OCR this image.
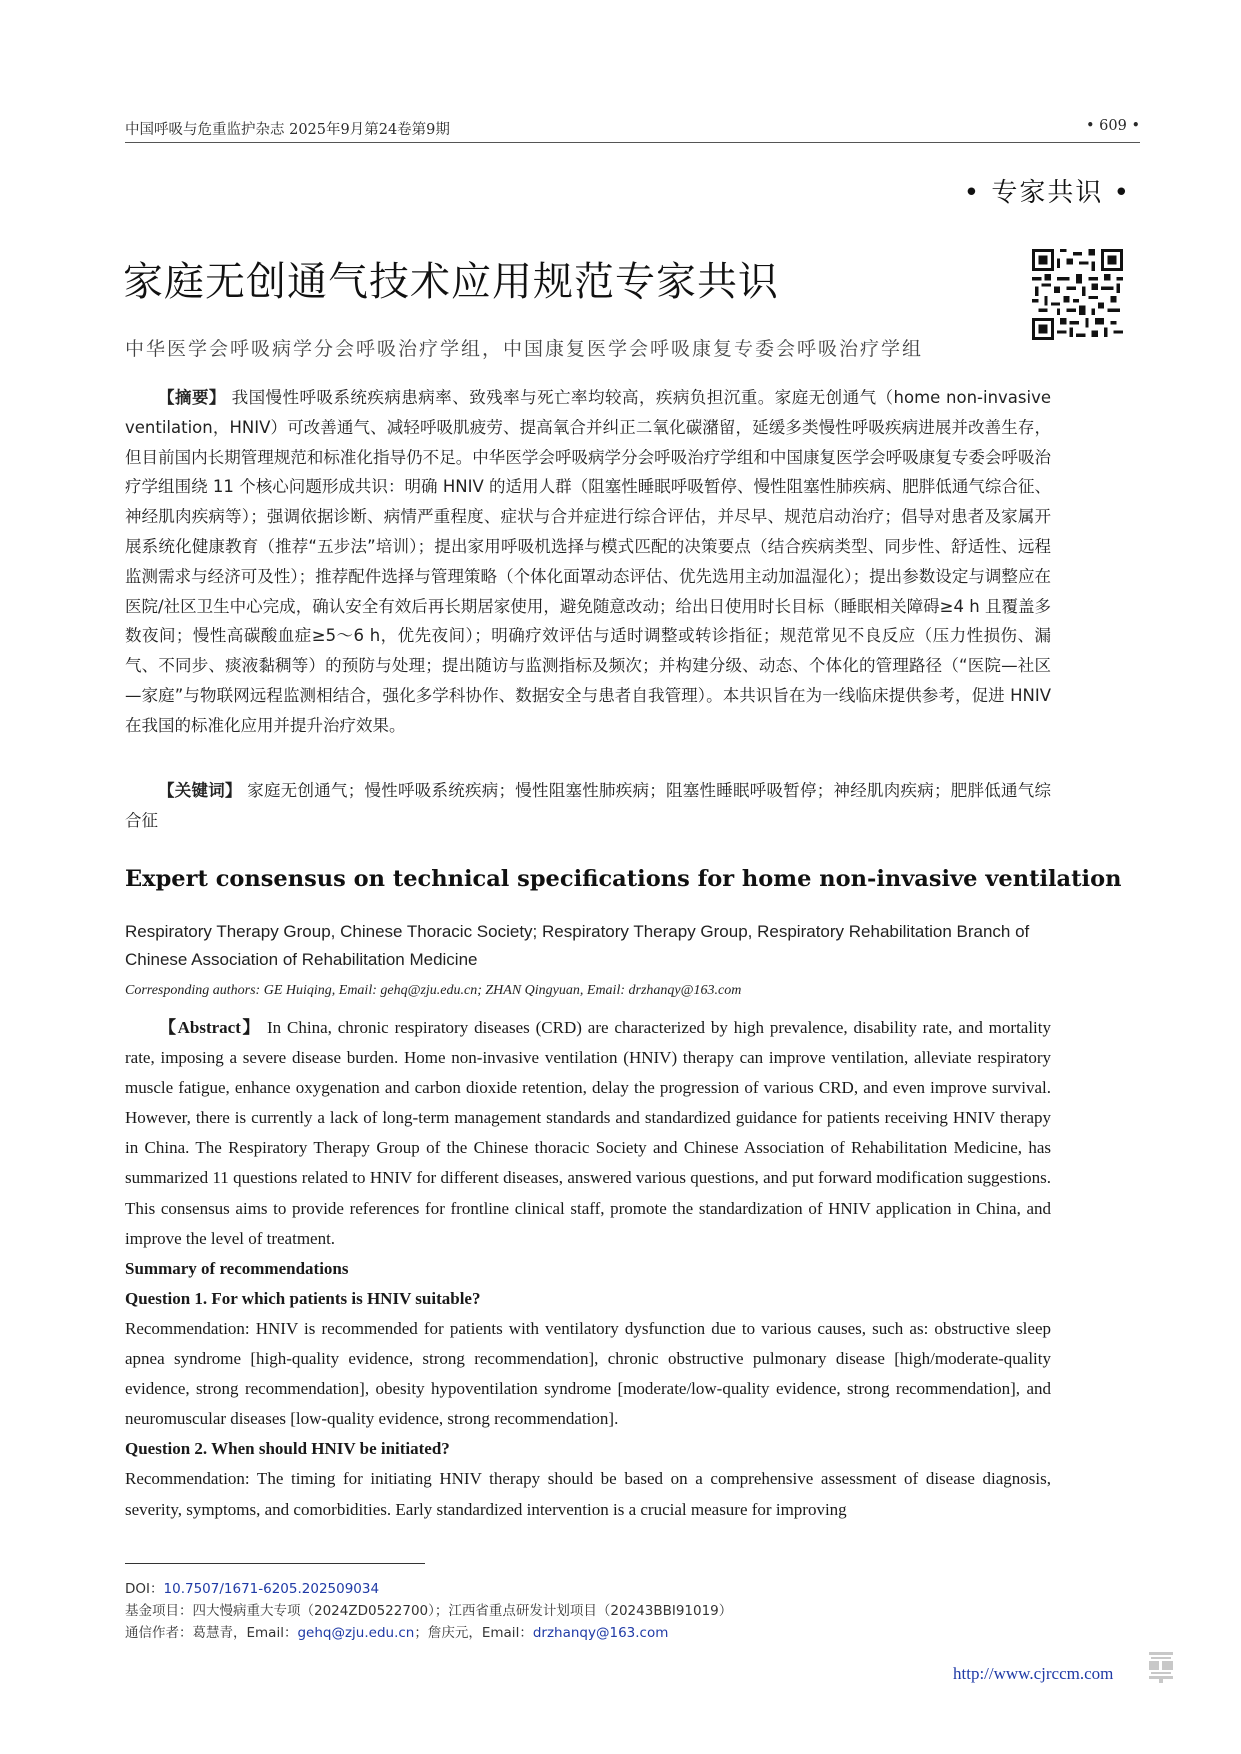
中国呼吸与危重监护杂志 2025年9月第24卷第9期	• 609 •
• 专家共识 •
家庭无创通气技术应用规范专家共识
中华医学会呼吸病学分会呼吸治疗学组，中国康复医学会呼吸康复专委会呼吸治疗学组
【摘要】 我国慢性呼吸系统疾病患病率、致残率与死亡率均较高，疾病负担沉重。家庭无创通气（home non-invasive ventilation，HNIV）可改善通气、减轻呼吸肌疲劳、提高氧合并纠正二氧化碳潴留，延缓多类慢性呼吸疾病进展并改善生存，但目前国内长期管理规范和标准化指导仍不足。中华医学会呼吸病学分会呼吸治疗学组和中国康复医学会呼吸康复专委会呼吸治疗学组围绕 11 个核心问题形成共识：明确 HNIV 的适用人群（阻塞性睡眠呼吸暂停、慢性阻塞性肺疾病、肥胖低通气综合征、神经肌肉疾病等）；强调依据诊断、病情严重程度、症状与合并症进行综合评估，并尽早、规范启动治疗；倡导对患者及家属开展系统化健康教育（推荐“五步法”培训）；提出家用呼吸机选择与模式匹配的决策要点（结合疾病类型、同步性、舒适性、远程监测需求与经济可及性）；推荐配件选择与管理策略（个体化面罩动态评估、优先选用主动加温湿化）；提出参数设定与调整应在医院/社区卫生中心完成，确认安全有效后再长期居家使用，避免随意改动；给出日使用时长目标（睡眠相关障碍≥4 h 且覆盖多数夜间；慢性高碳酸血症≥5～6 h，优先夜间）；明确疗效评估与适时调整或转诊指征；规范常见不良反应（压力性损伤、漏气、不同步、痰液黏稠等）的预防与处理；提出随访与监测指标及频次；并构建分级、动态、个体化的管理路径（“医院—社区—家庭”与物联网远程监测相结合，强化多学科协作、数据安全与患者自我管理）。本共识旨在为一线临床提供参考，促进 HNIV 在我国的标准化应用并提升治疗效果。
【关键词】 家庭无创通气；慢性呼吸系统疾病；慢性阻塞性肺疾病；阻塞性睡眠呼吸暂停；神经肌肉疾病；肥胖低通气综合征
Expert consensus on technical specifications for home non-invasive ventilation
Respiratory Therapy Group, Chinese Thoracic Society; Respiratory Therapy Group, Respiratory Rehabilitation Branch of Chinese Association of Rehabilitation Medicine
Corresponding authors: GE Huiqing, Email: gehq@zju.edu.cn; ZHAN Qingyuan, Email: drzhanqy@163.com

【Abstract】 In China, chronic respiratory diseases (CRD) are characterized by high prevalence, disability rate, and mortality rate, imposing a severe disease burden. Home non-invasive ventilation (HNIV) therapy can improve ventilation, alleviate respiratory muscle fatigue, enhance oxygenation and carbon dioxide retention, delay the progression of various CRD, and even improve survival. However, there is currently a lack of long-term management standards and standardized guidance for patients receiving HNIV therapy in China. The Respiratory Therapy Group of the Chinese thoracic Society and Chinese Association of Rehabilitation Medicine, has summarized 11 questions related to HNIV for different diseases, answered various questions, and put forward modification suggestions. This consensus aims to provide references for frontline clinical staff, promote the standardization of HNIV application in China, and improve the level of treatment.

Summary of recommendations

Question 1. For which patients is HNIV suitable?

Recommendation: HNIV is recommended for patients with ventilatory dysfunction due to various causes, such as: obstructive sleep apnea syndrome [high-quality evidence, strong recommendation], chronic obstructive pulmonary disease [high/moderate-quality evidence, strong recommendation], obesity hypoventilation syndrome [moderate/low-quality evidence, strong recommendation], and neuromuscular diseases [low-quality evidence, strong recommendation].

Question 2. When should HNIV be initiated?

Recommendation: The timing for initiating HNIV therapy should be based on a comprehensive assessment of disease diagnosis, severity, symptoms, and comorbidities. Early standardized intervention is a crucial measure for improving

DOI：10.7507/1671-6205.202509034
基金项目：四大慢病重大专项（2024ZD0522700）；江西省重点研发计划项目（20243BBI91019）
通信作者：葛慧青，Email：gehq@zju.edu.cn；詹庆元，Email：drzhanqy@163.com
http://www.cjrccm.com
